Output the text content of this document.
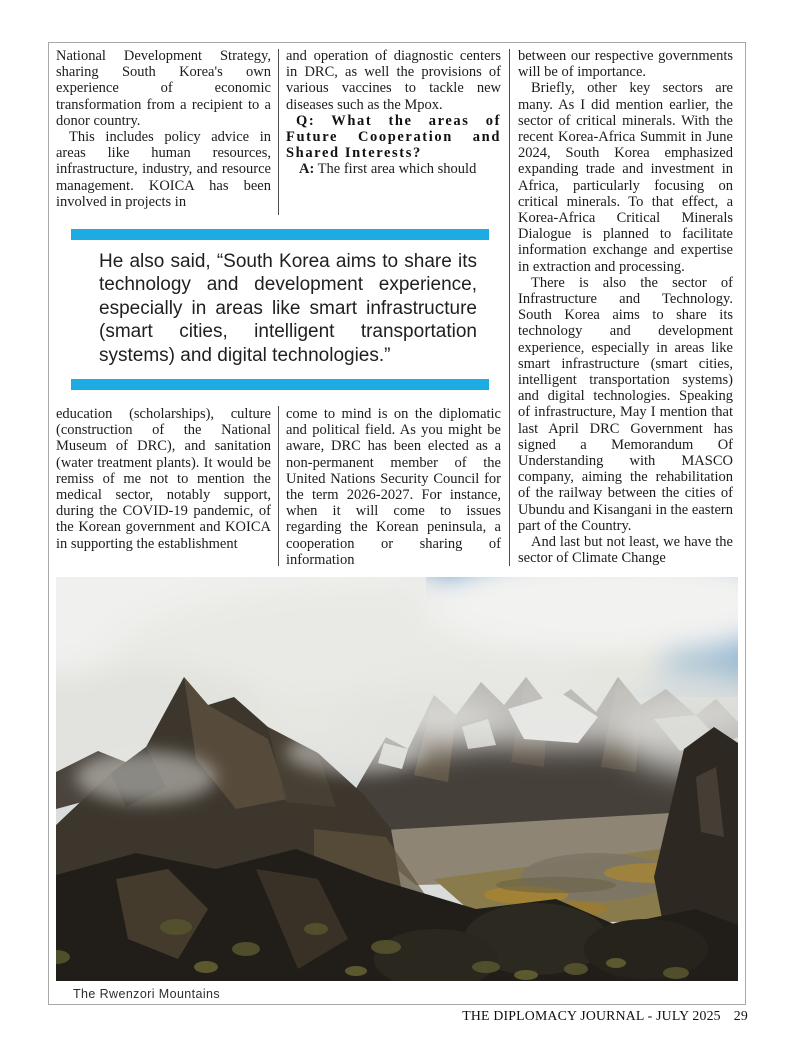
National Development Strategy, sharing South Korea's own experience of economic transformation from a recipient to a donor country.

This includes policy advice in areas like human resources, infrastructure, industry, and resource management. KOICA has been involved in projects in

and operation of diagnostic centers in DRC, as well the provisions of various vaccines to tackle new diseases such as the Mpox.

Q: What the areas of Future Cooperation and Shared Interests?

A: The first area which should

between our respective governments will be of importance.

Briefly, other key sectors are many. As I did mention earlier, the sector of critical minerals. With the recent Korea-Africa Summit in June 2024, South Korea emphasized expanding trade and investment in Africa, particularly focusing on critical minerals. To that effect, a Korea-Africa Critical Minerals Dialogue is planned to facilitate information exchange and expertise in extraction and processing.

There is also the sector of Infrastructure and Technology. South Korea aims to share its technology and development experience, especially in areas like smart infrastructure (smart cities, intelligent transportation systems) and digital technologies. Speaking of infrastructure, May I mention that last April DRC Government has signed a Memorandum Of Understanding with MASCO company, aiming the rehabilitation of the railway between the cities of Ubundu and Kisangani in the eastern part of the Country.

And last but not least, we have the sector of Climate Change

He also said, “South Korea aims to share its technology and development experience, especially in areas like smart infrastructure (smart cities, intelligent transportation systems) and digital technologies.”

education (scholarships), culture (construction of the National Museum of DRC), and sanitation (water treatment plants). It would be remiss of me not to mention the medical sector, notably support, during the COVID-19 pandemic, of the Korean government and KOICA in supporting the establishment

come to mind is on the diplomatic and political field. As you might be aware, DRC has been elected as a non-permanent member of the United Nations Security Council for the term 2026-2027. For instance, when it will come to issues regarding the Korean peninsula, a cooperation or sharing of information

The Rwenzori Mountains
THE DIPLOMACY JOURNAL - JULY 2025 29
